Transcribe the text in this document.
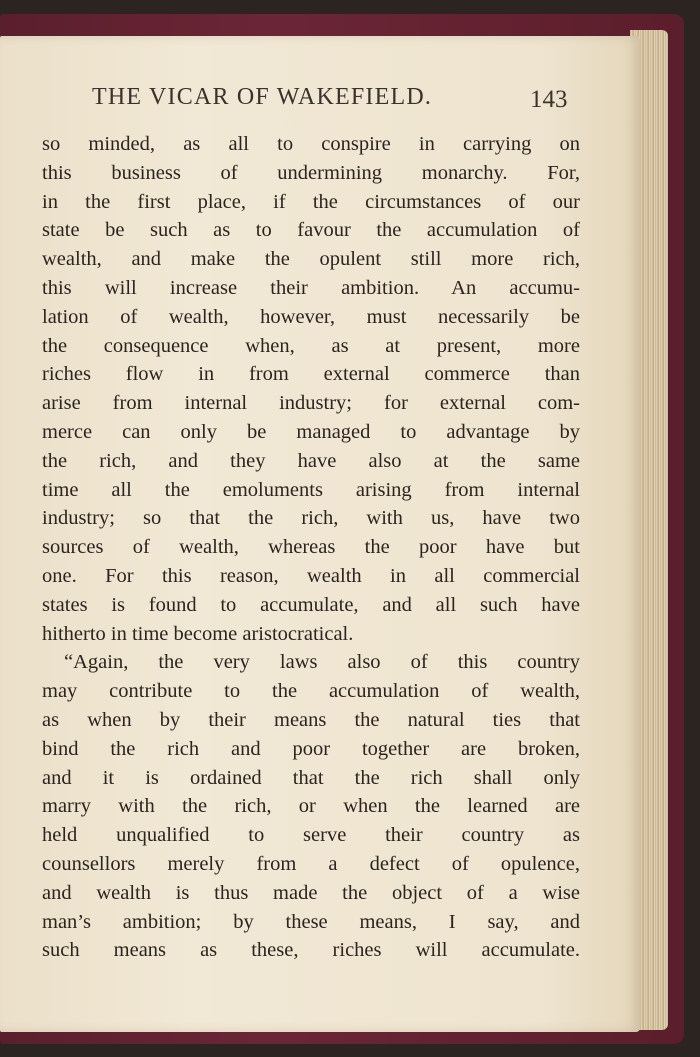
THE VICAR OF WAKEFIELD.	143
so minded, as all to conspire in carrying on
this business of undermining monarchy. For,
in the first place, if the circumstances of our
state be such as to favour the accumulation of
wealth, and make the opulent still more rich,
this will increase their ambition. An accumu-
lation of wealth, however, must necessarily be
the consequence when, as at present, more
riches flow in from external commerce than
arise from internal industry; for external com-
merce can only be managed to advantage by
the rich, and they have also at the same
time all the emoluments arising from internal
industry; so that the rich, with us, have two
sources of wealth, whereas the poor have but
one. For this reason, wealth in all commercial
states is found to accumulate, and all such have
hitherto in time become aristocratical.
“Again, the very laws also of this country
may contribute to the accumulation of wealth,
as when by their means the natural ties that
bind the rich and poor together are broken,
and it is ordained that the rich shall only
marry with the rich, or when the learned are
held unqualified to serve their country as
counsellors merely from a defect of opulence,
and wealth is thus made the object of a wise
man’s ambition; by these means, I say, and
such means as these, riches will accumulate.
